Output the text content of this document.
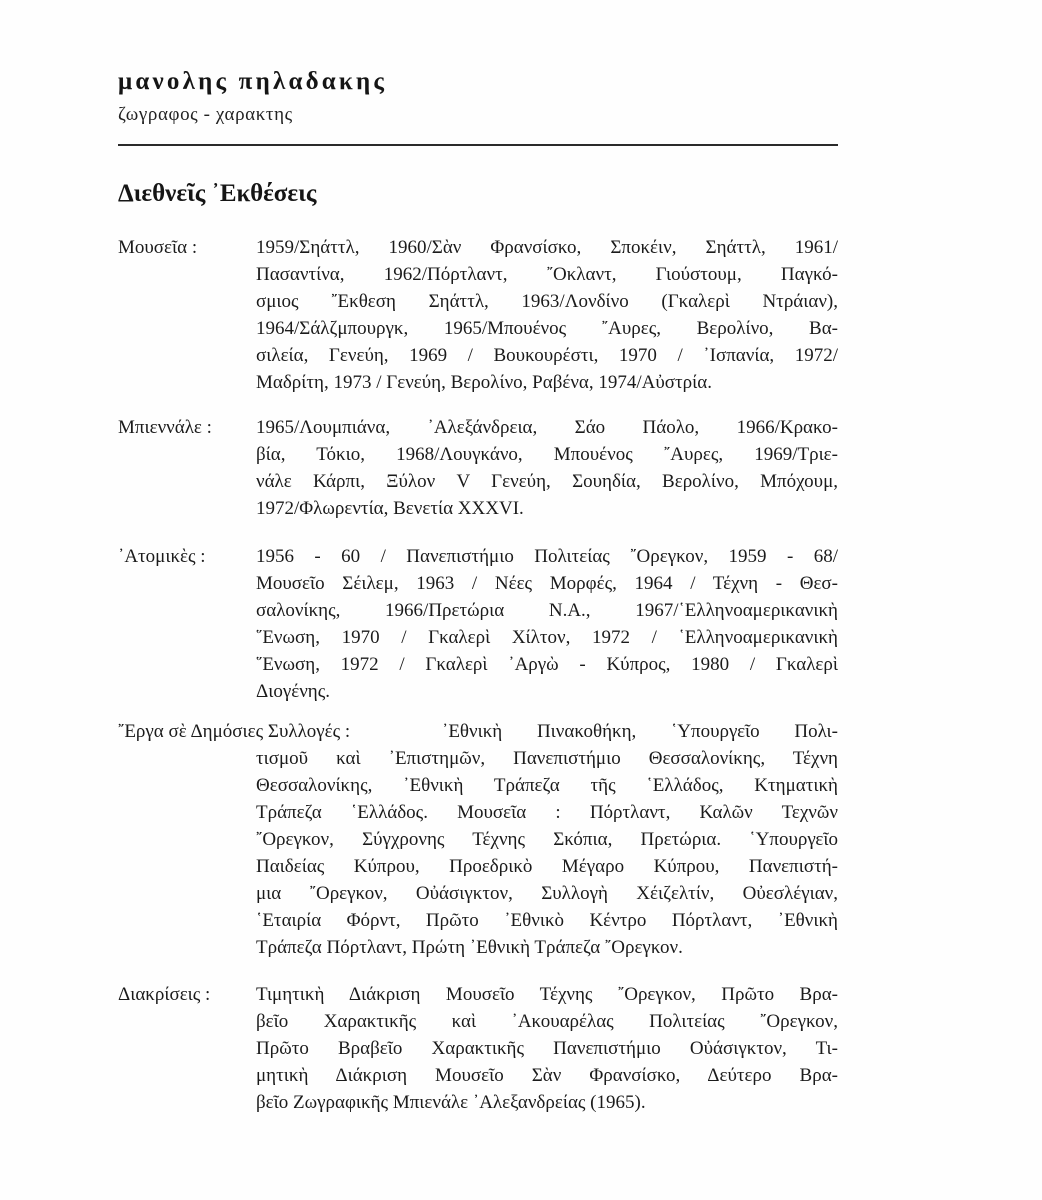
μανολης πηλαδακης
ζωγραφος - χαρακτης
Διεθνεῖς ᾿Εκθέσεις
Μουσεῖα :	1959/Σηάττλ, 1960/Σὰν Φρανσίσκο, Σποκέιν, Σηάττλ, 1961/
Πασαντίνα, 1962/Πόρτλαντ, ῎Οκλαντ, Γιούστουμ, Παγκό-
σμιος ῎Εκθεση Σηάττλ, 1963/Λονδίνο (Γκαλερὶ Ντράιαν),
1964/Σάλζμπουργκ, 1965/Μπουένος ῎Αυρες, Βερολίνο, Βα-
σιλεία, Γενεύη, 1969 / Βουκουρέστι, 1970 / ᾿Ισπανία, 1972/
Μαδρίτη, 1973 / Γενεύη, Βερολίνο, Ραβένα, 1974/Αὐστρία.
Μπιεννάλε : 1965/Λουμπιάνα, ᾿Αλεξάνδρεια, Σάο Πάολο, 1966/Κρακο-
βία, Τόκιο, 1968/Λουγκάνο, Μπουένος ῎Αυρες, 1969/Τριε-
νάλε Κάρπι, Ξύλον V Γενεύη, Σουηδία, Βερολίνο, Μπόχουμ,
1972/Φλωρεντία, Βενετία XXXVI.
᾿Ατομικὲς :	1956 - 60 / Πανεπιστήμιο Πολιτείας ῎Ορεγκον, 1959 - 68/
Μουσεῖο Σέιλεμ, 1963 / Νέες Μορφές, 1964 / Τέχνη - Θεσ-
σαλονίκης, 1966/Πρετώρια N.A., 1967/῾Ελληνοαμερικανικὴ
῞Ενωση, 1970 / Γκαλερὶ Χίλτον, 1972 / ῾Ελληνοαμερικανικὴ
῞Ενωση, 1972 / Γκαλερὶ ᾿Αργὼ - Κύπρος, 1980 / Γκαλερὶ
Διογένης.
῎Εργα σὲ Δημόσιες Συλλογές :	᾿Εθνικὴ Πινακοθήκη, ῾Υπουργεῖο Πολι-
τισμοῦ καὶ ᾿Επιστημῶν, Πανεπιστήμιο Θεσσαλονίκης, Τέχνη
Θεσσαλονίκης, ᾿Εθνικὴ Τράπεζα τῆς ῾Ελλάδος, Κτηματικὴ
Τράπεζα ῾Ελλάδος. Μουσεῖα : Πόρτλαντ, Καλῶν Τεχνῶν
῎Ορεγκον, Σύγχρονης Τέχνης Σκόπια, Πρετώρια. ῾Υπουργεῖο
Παιδείας Κύπρου, Προεδρικὸ Μέγαρο Κύπρου, Πανεπιστή-
μια ῎Ορεγκον, Οὐάσιγκτον, Συλλογὴ Χέιζελτίν, Οὐεσλέγιαν,
῾Εταιρία Φόρντ, Πρῶτο ᾿Εθνικὸ Κέντρο Πόρτλαντ, ᾿Εθνικὴ
Τράπεζα Πόρτλαντ, Πρώτη ᾿Εθνικὴ Τράπεζα ῎Ορεγκον.
Διακρίσεις : Τιμητικὴ Διάκριση Μουσεῖο Τέχνης ῎Ορεγκον, Πρῶτο Βρα-
βεῖο Χαρακτικῆς καὶ ᾿Ακουαρέλας Πολιτείας ῎Ορεγκον,
Πρῶτο Βραβεῖο Χαρακτικῆς Πανεπιστήμιο Οὐάσιγκτον, Τι-
μητικὴ Διάκριση Μουσεῖο Σὰν Φρανσίσκο, Δεύτερο Βρα-
βεῖο Ζωγραφικῆς Μπιενάλε ᾿Αλεξανδρείας (1965).
